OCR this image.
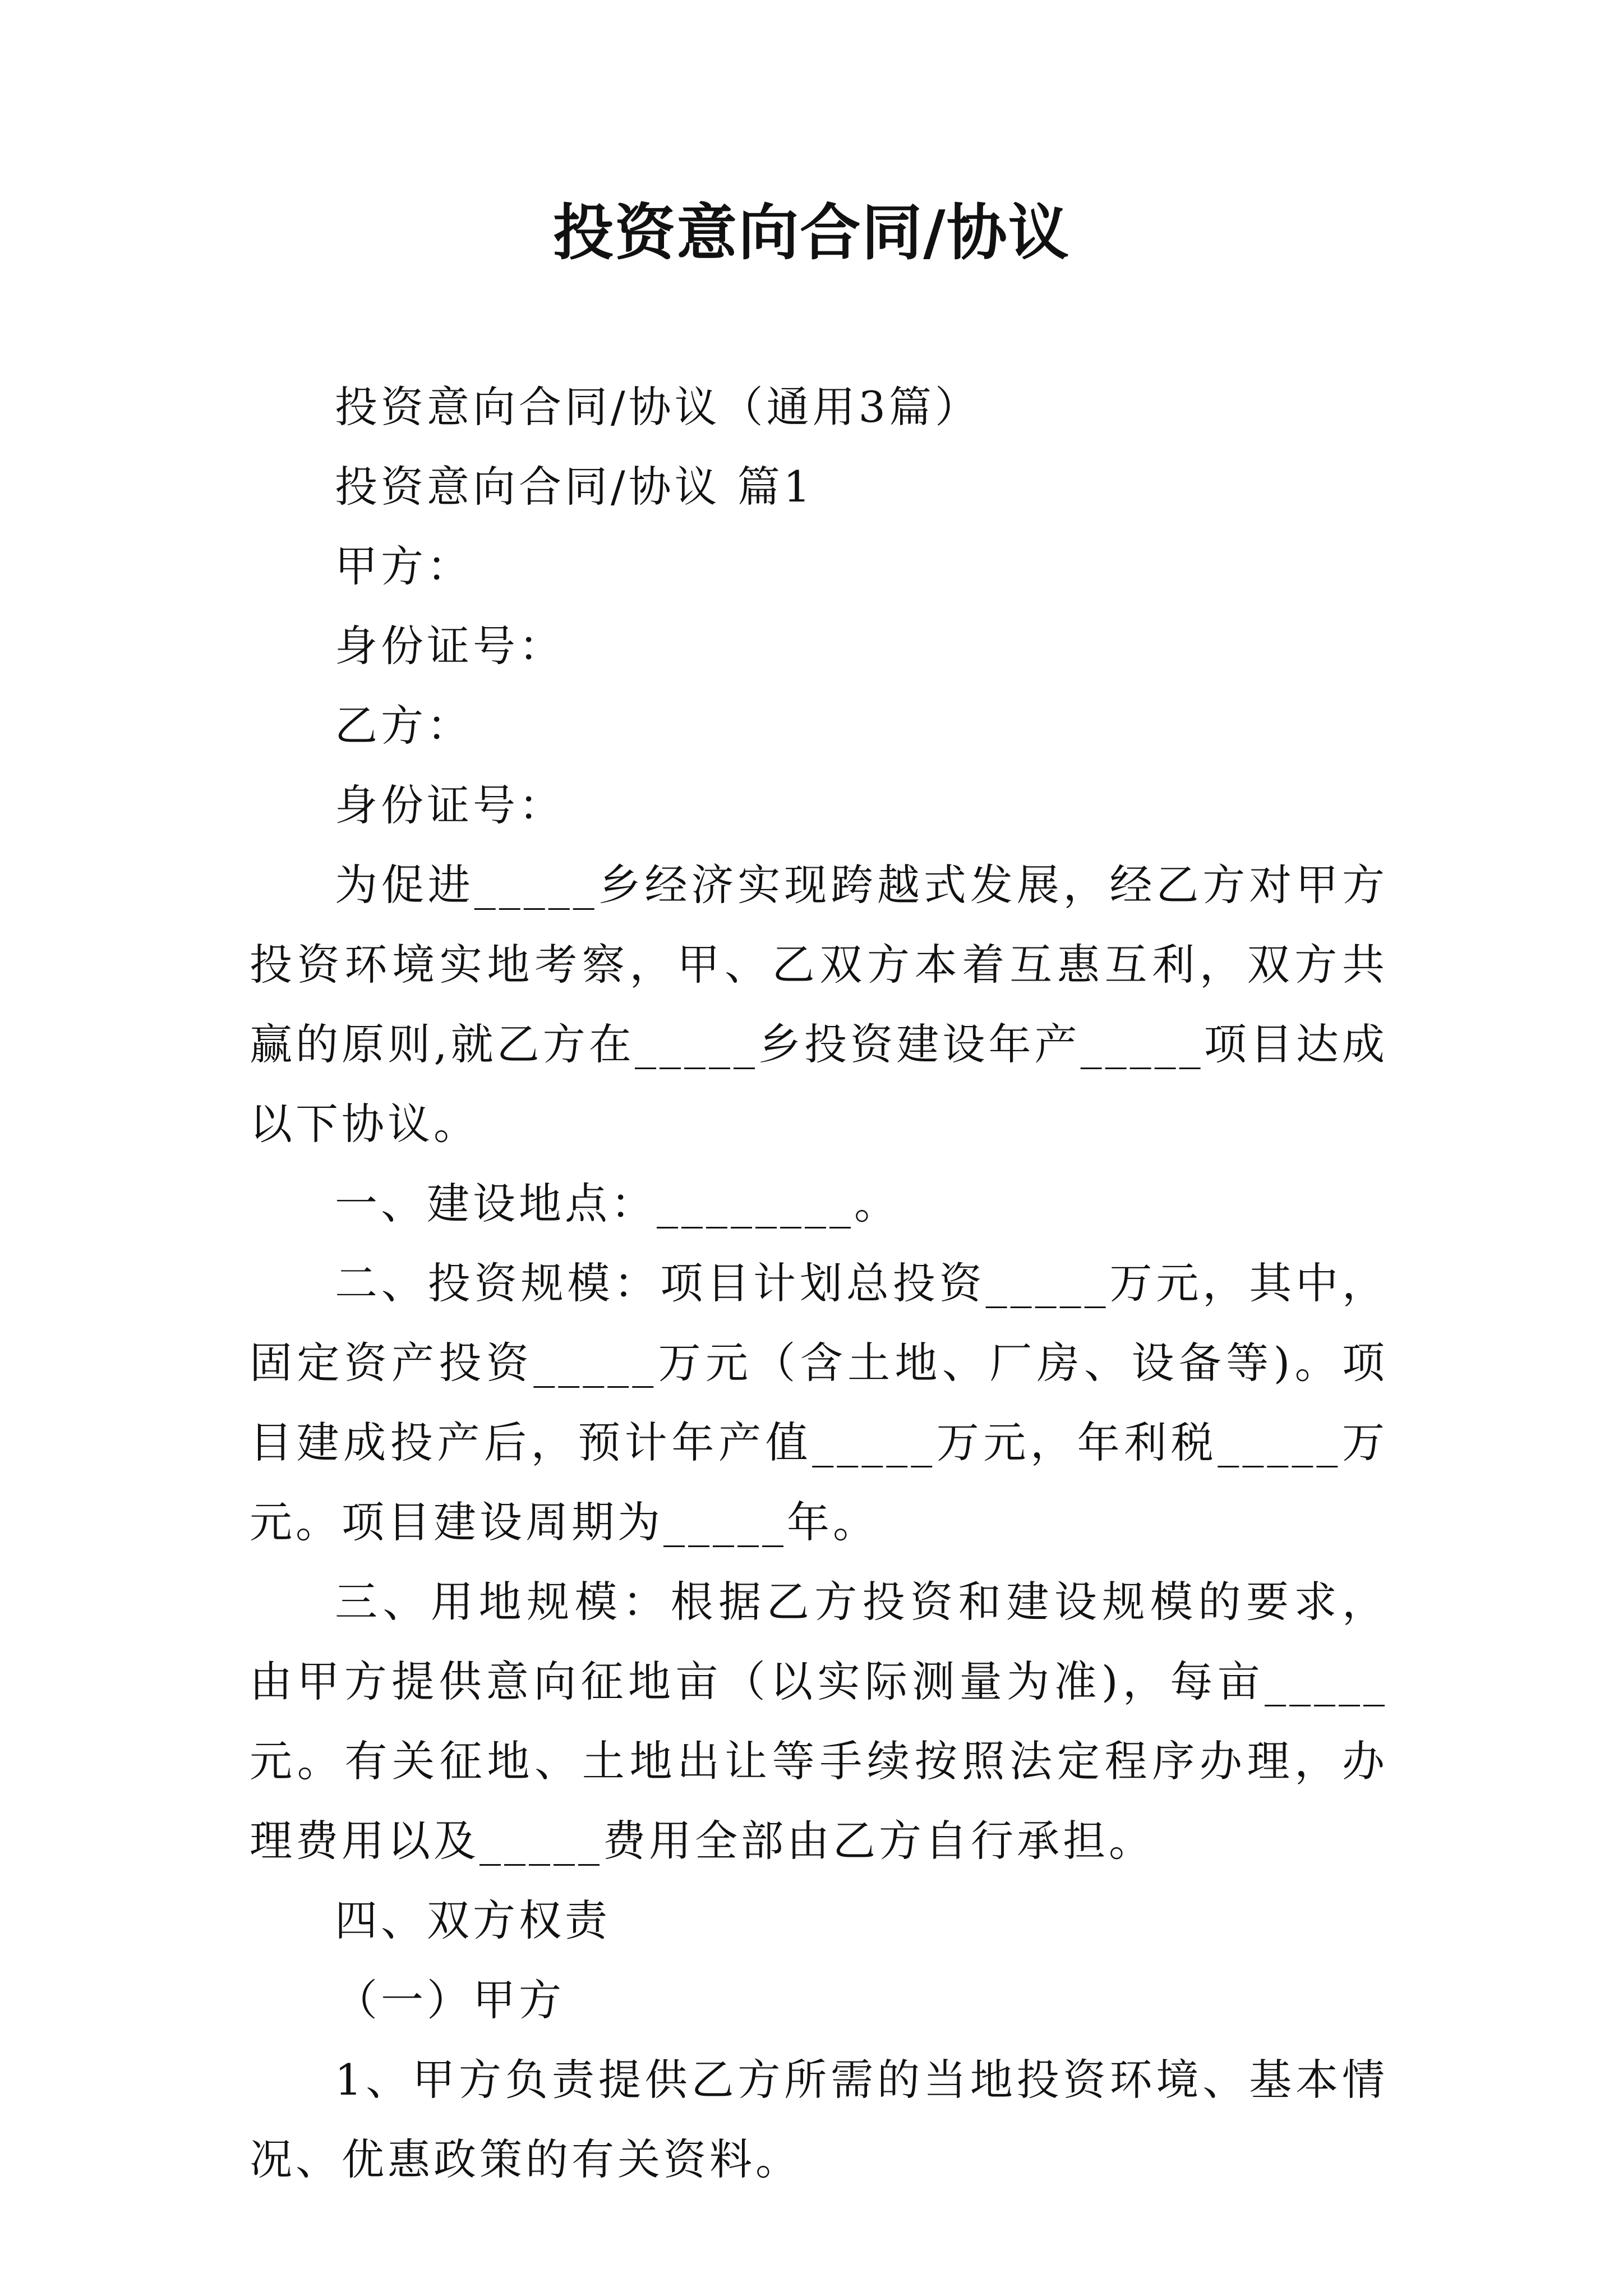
投资意向合同/协议

投资意向合同/协议（通用3篇）

投资意向合同/协议 篇1

甲方：

身份证号：

乙方：

身份证号：

为促进_____乡经济实现跨越式发展，经乙方对甲方投资环境实地考察，甲、乙双方本着互惠互利，双方共赢的原则,就乙方在_____乡投资建设年产_____项目达成以下协议。

一、建设地点：________。

二、投资规模：项目计划总投资_____万元，其中，固定资产投资_____万元（含土地、厂房、设备等)。项目建成投产后，预计年产值_____万元，年利税_____万元。项目建设周期为_____年。

三、用地规模：根据乙方投资和建设规模的要求，由甲方提供意向征地亩（以实际测量为准)，每亩_____元。有关征地、土地出让等手续按照法定程序办理，办理费用以及_____费用全部由乙方自行承担。

四、双方权责

（一）甲方

1、甲方负责提供乙方所需的当地投资环境、基本情况、优惠政策的有关资料。
